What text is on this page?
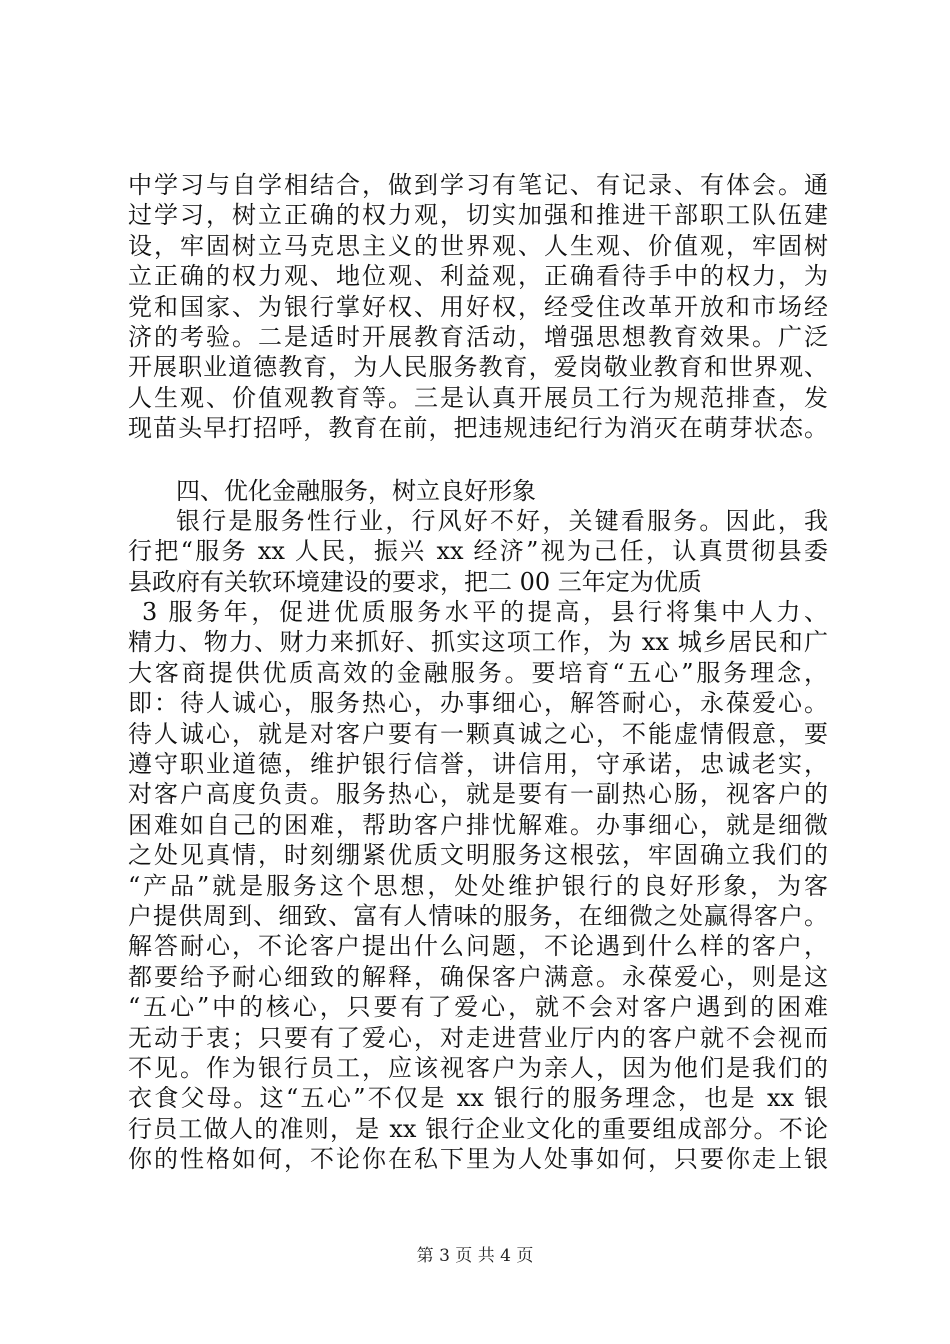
中学习与自学相结合，做到学习有笔记、有记录、有体会。通
过学习，树立正确的权力观，切实加强和推进干部职工队伍建
设，牢固树立马克思主义的世界观、人生观、价值观，牢固树
立正确的权力观、地位观、利益观，正确看待手中的权力，为
党和国家、为银行掌好权、用好权，经受住改革开放和市场经
济的考验。二是适时开展教育活动，增强思想教育效果。广泛
开展职业道德教育，为人民服务教育，爱岗敬业教育和世界观、
人生观、价值观教育等。三是认真开展员工行为规范排查，发
现苗头早打招呼，教育在前，把违规违纪行为消灭在萌芽状态。
四、优化金融服务，树立良好形象
银行是服务性行业，行风好不好，关键看服务。因此，我
行把“服务 xx 人民，振兴 xx 经济”视为己任，认真贯彻县委
县政府有关软环境建设的要求，把二 00 三年定为优质
3 服务年，促进优质服务水平的提高，县行将集中人力、
精力、物力、财力来抓好、抓实这项工作，为 xx 城乡居民和广
大客商提供优质高效的金融服务。要培育“五心”服务理念，
即：待人诚心，服务热心，办事细心，解答耐心，永葆爱心。
待人诚心，就是对客户要有一颗真诚之心，不能虚情假意，要
遵守职业道德，维护银行信誉，讲信用，守承诺，忠诚老实，
对客户高度负责。服务热心，就是要有一副热心肠，视客户的
困难如自己的困难，帮助客户排忧解难。办事细心，就是细微
之处见真情，时刻绷紧优质文明服务这根弦，牢固确立我们的
“产品”就是服务这个思想，处处维护银行的良好形象，为客
户提供周到、细致、富有人情味的服务，在细微之处赢得客户。
解答耐心，不论客户提出什么问题，不论遇到什么样的客户，
都要给予耐心细致的解释，确保客户满意。永葆爱心，则是这
“五心”中的核心，只要有了爱心，就不会对客户遇到的困难
无动于衷；只要有了爱心，对走进营业厅内的客户就不会视而
不见。作为银行员工，应该视客户为亲人，因为他们是我们的
衣食父母。这“五心”不仅是 xx 银行的服务理念，也是 xx 银
行员工做人的准则，是 xx 银行企业文化的重要组成部分。不论
你的性格如何，不论你在私下里为人处事如何，只要你走上银
第 3 页 共 4 页
